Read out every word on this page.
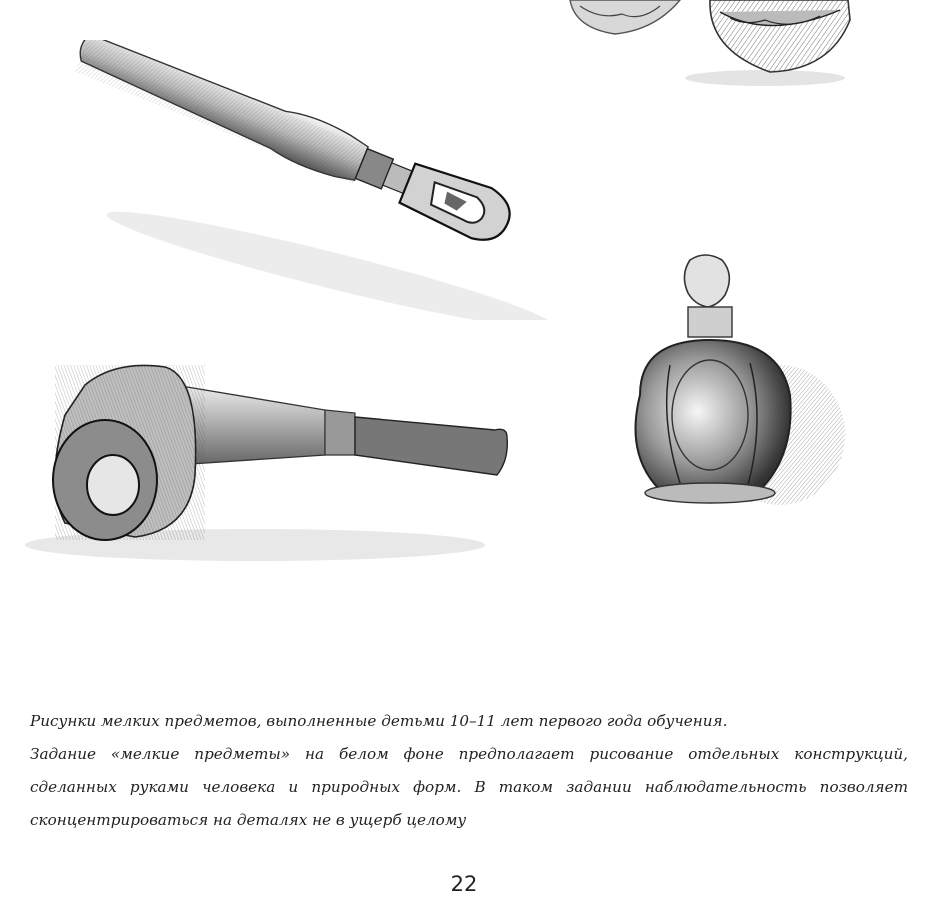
Рисунки мелких предметов, выполненные детьми 10–11 лет первого года обучения.

Задание «мелкие предметы» на белом фоне предполагает рисование отдельных конструкций, сделанных руками человека и природных форм. В таком задании наблюдательность позволяет сконцентрироваться на деталях не в ущерб целому

22
